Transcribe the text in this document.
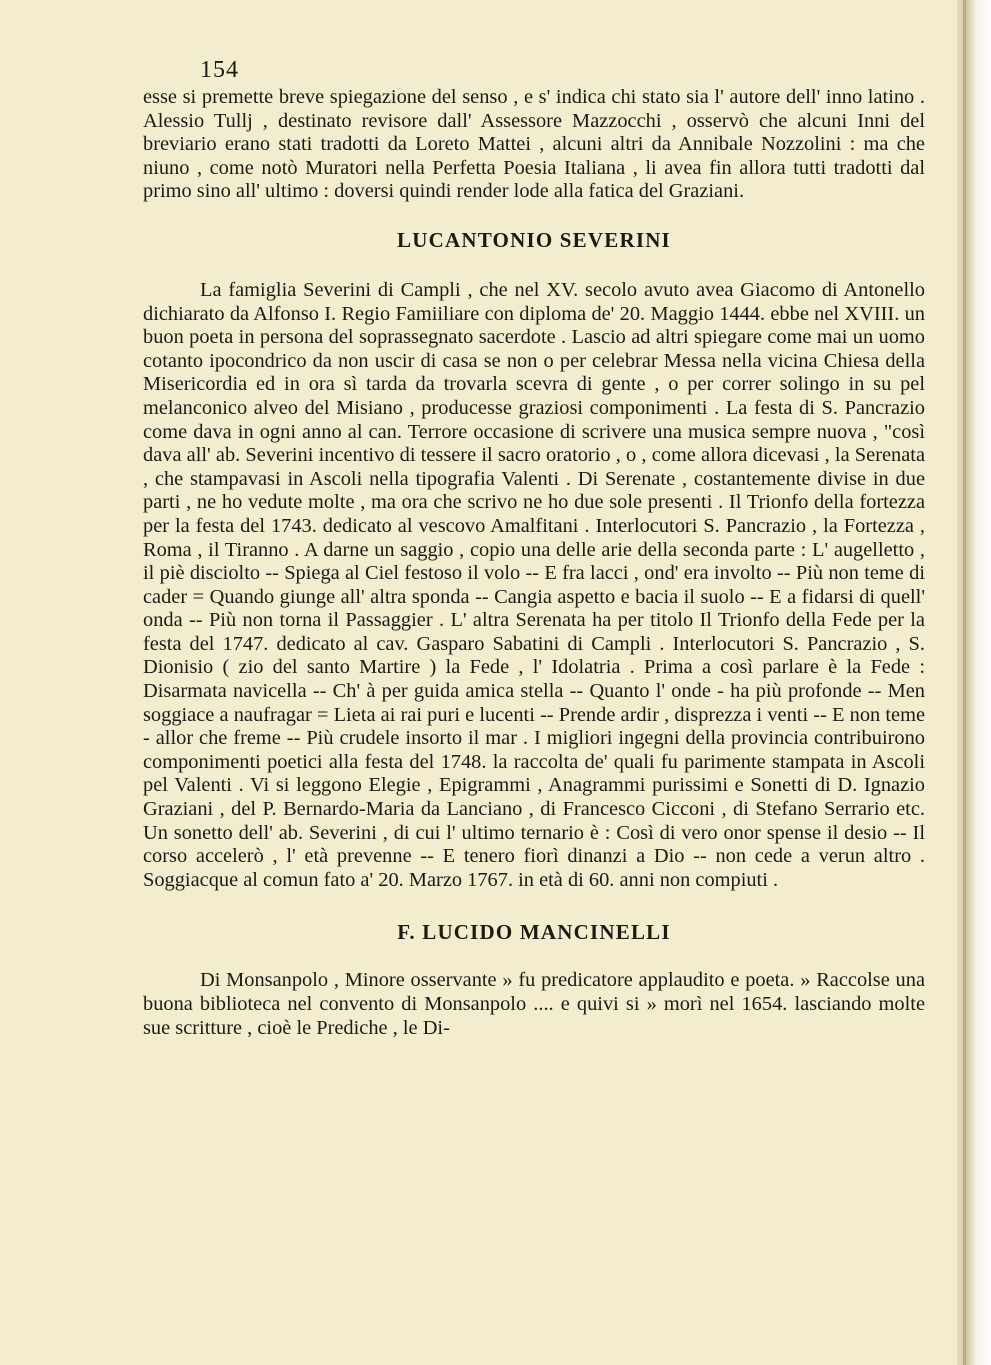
154

esse si premette breve spiegazione del senso , e s' indica chi stato sia l' autore dell' inno latino . Alessio Tullj , destinato revisore dall' Assessore Mazzocchi , osservò che alcuni Inni del breviario erano stati tradotti da Loreto Mattei , alcuni altri da Annibale Nozzolini : ma che niuno , come notò Muratori nella Perfetta Poesia Italiana , li avea fin allora tutti tradotti dal primo sino all' ultimo : doversi quindi render lode alla fatica del Graziani.

LUCANTONIO SEVERINI

La famiglia Severini di Campli , che nel XV. secolo avuto avea Giacomo di Antonello dichiarato da Alfonso I. Regio Famiiliare con diploma de' 20. Maggio 1444. ebbe nel XVIII. un buon poeta in persona del soprassegnato sacerdote . Lascio ad altri spiegare come mai un uomo cotanto ipocondrico da non uscir di casa se non o per celebrar Messa nella vicina Chiesa della Misericordia ed in ora sì tarda da trovarla scevra di gente , o per correr solingo in su pel melanconico alveo del Misiano , producesse graziosi componimenti . La festa di S. Pancrazio come dava in ogni anno al can. Terrore occasione di scrivere una musica sempre nuova , "così dava all' ab. Severini incentivo di tessere il sacro oratorio , o , come allora dicevasi , la Serenata , che stampavasi in Ascoli nella tipografia Valenti . Di Serenate , costantemente divise in due parti , ne ho vedute molte , ma ora che scrivo ne ho due sole presenti . Il Trionfo della fortezza per la festa del 1743. dedicato al vescovo Amalfitani . Interlocutori S. Pancrazio , la Fortezza , Roma , il Tiranno . A darne un saggio , copio una delle arie della seconda parte : L' augelletto , il piè disciolto -- Spiega al Ciel festoso il volo -- E fra lacci , ond' era involto -- Più non teme di cader = Quando giunge all' altra sponda -- Cangia aspetto e bacia il suolo -- E a fidarsi di quell' onda -- Più non torna il Passaggier . L' altra Serenata ha per titolo Il Trionfo della Fede per la festa del 1747. dedicato al cav. Gasparo Sabatini di Campli . Interlocutori S. Pancrazio , S. Dionisio ( zio del santo Martire ) la Fede , l' Idolatria . Prima a così parlare è la Fede : Disarmata navicella -- Ch' à per guida amica stella -- Quanto l' onde - ha più profonde -- Men soggiace a naufragar = Lieta ai rai puri e lucenti -- Prende ardir , disprezza i venti -- E non teme - allor che freme -- Più crudele insorto il mar . I migliori ingegni della provincia contribuirono componimenti poetici alla festa del 1748. la raccolta de' quali fu parimente stampata in Ascoli pel Valenti . Vi si leggono Elegie , Epigrammi , Anagrammi purissimi e Sonetti di D. Ignazio Graziani , del P. Bernardo-Maria da Lanciano , di Francesco Cicconi , di Stefano Serrario etc. Un sonetto dell' ab. Severini , di cui l' ultimo ternario è : Così di vero onor spense il desio -- Il corso accelerò , l' età prevenne -- E tenero fiorì dinanzi a Dio -- non cede a verun altro . Soggiacque al comun fato a' 20. Marzo 1767. in età di 60. anni non compiuti .

F. LUCIDO MANCINELLI

Di Monsanpolo , Minore osservante » fu predicatore applaudito e poeta. » Raccolse una buona biblioteca nel convento di Monsanpolo .... e quivi si » morì nel 1654. lasciando molte sue scritture , cioè le Prediche , le Di-
